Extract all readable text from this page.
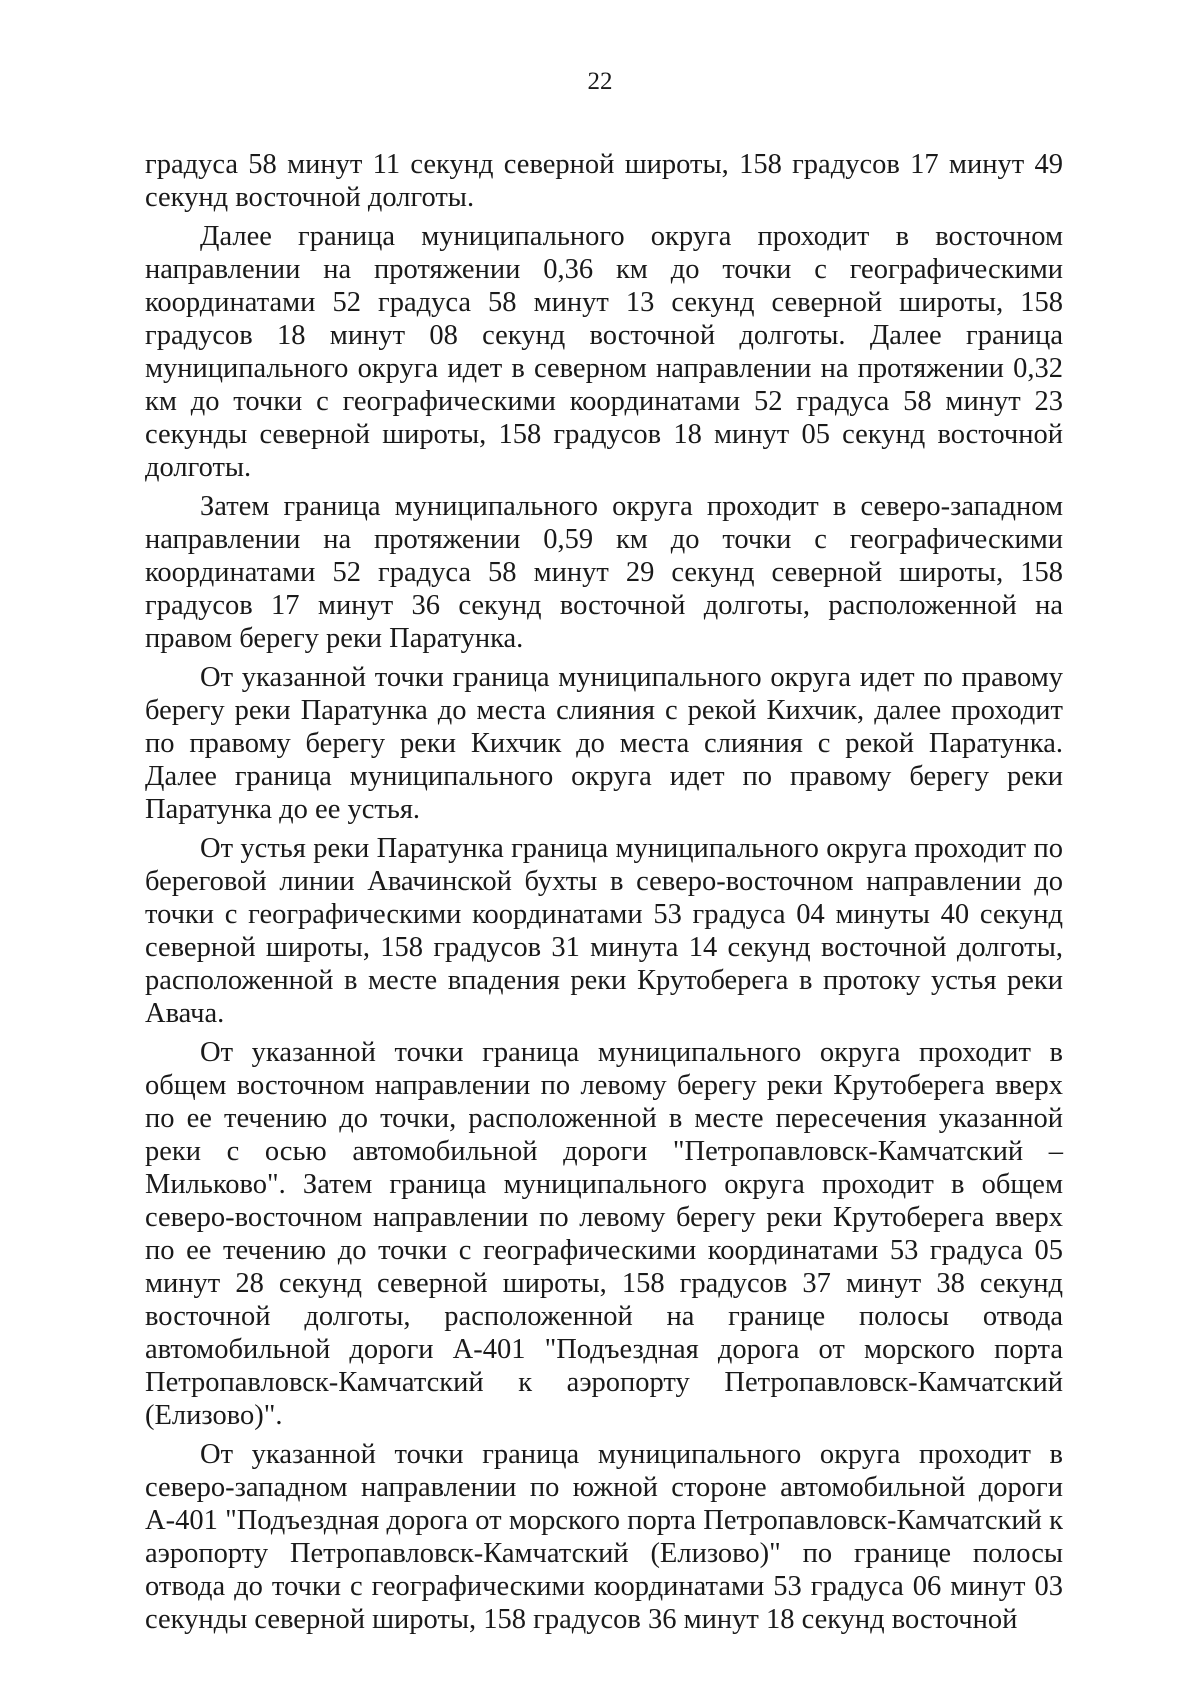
22

градуса 58 минут 11 секунд северной широты, 158 градусов 17 минут 49 секунд восточной долготы.

Далее граница муниципального округа проходит в восточном направлении на протяжении 0,36 км до точки с географическими координатами 52 градуса 58 минут 13 секунд северной широты, 158 градусов 18 минут 08 секунд восточной долготы. Далее граница муниципального округа идет в северном направлении на протяжении 0,32 км до точки с географическими координатами 52 градуса 58 минут 23 секунды северной широты, 158 градусов 18 минут 05 секунд восточной долготы.

Затем граница муниципального округа проходит в северо-западном направлении на протяжении 0,59 км до точки с географическими координатами 52 градуса 58 минут 29 секунд северной широты, 158 градусов 17 минут 36 секунд восточной долготы, расположенной на правом берегу реки Паратунка.

От указанной точки граница муниципального округа идет по правому берегу реки Паратунка до места слияния с рекой Кихчик, далее проходит по правому берегу реки Кихчик до места слияния с рекой Паратунка. Далее граница муниципального округа идет по правому берегу реки Паратунка до ее устья.

От устья реки Паратунка граница муниципального округа проходит по береговой линии Авачинской бухты в северо-восточном направлении до точки с географическими координатами 53 градуса 04 минуты 40 секунд северной широты, 158 градусов 31 минута 14 секунд восточной долготы, расположенной в месте впадения реки Крутоберега в протоку устья реки Авача.

От указанной точки граница муниципального округа проходит в общем восточном направлении по левому берегу реки Крутоберега вверх по ее течению до точки, расположенной в месте пересечения указанной реки с осью автомобильной дороги "Петропавловск-Камчатский – Мильково". Затем граница муниципального округа проходит в общем северо-восточном направлении по левому берегу реки Крутоберега вверх по ее течению до точки с географическими координатами 53 градуса 05 минут 28 секунд северной широты, 158 градусов 37 минут 38 секунд восточной долготы, расположенной на границе полосы отвода автомобильной дороги А-401 "Подъездная дорога от морского порта Петропавловск-Камчатский к аэропорту Петропавловск-Камчатский (Елизово)".

От указанной точки граница муниципального округа проходит в северо-западном направлении по южной стороне автомобильной дороги А-401 "Подъездная дорога от морского порта Петропавловск-Камчатский к аэропорту Петропавловск-Камчатский (Елизово)" по границе полосы отвода до точки с географическими координатами 53 градуса 06 минут 03 секунды северной широты, 158 градусов 36 минут 18 секунд восточной
